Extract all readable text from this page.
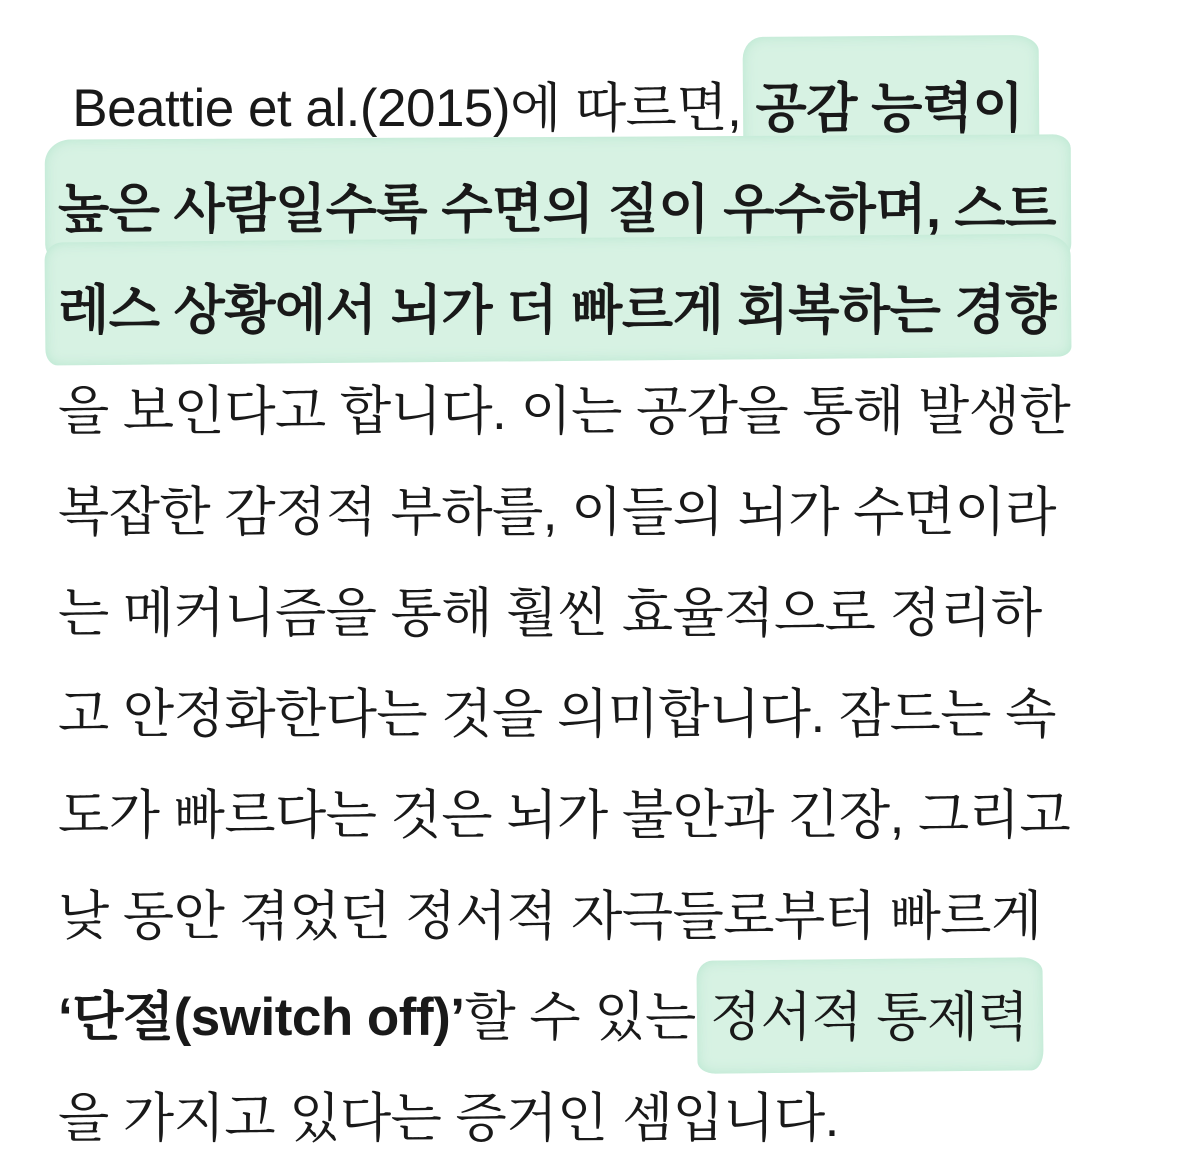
Beattie et al.(2015)에 따르면, 공감 능력이
높은 사람일수록 수면의 질이 우수하며, 스트
레스 상황에서 뇌가 더 빠르게 회복하는 경향
을 보인다고 합니다. 이는 공감을 통해 발생한
복잡한 감정적 부하를, 이들의 뇌가 수면이라
는 메커니즘을 통해 훨씬 효율적으로 정리하
고 안정화한다는 것을 의미합니다. 잠드는 속
도가 빠르다는 것은 뇌가 불안과 긴장, 그리고
낮 동안 겪었던 정서적 자극들로부터 빠르게
‘단절(switch off)’할 수 있는 정서적 통제력
을 가지고 있다는 증거인 셈입니다.
